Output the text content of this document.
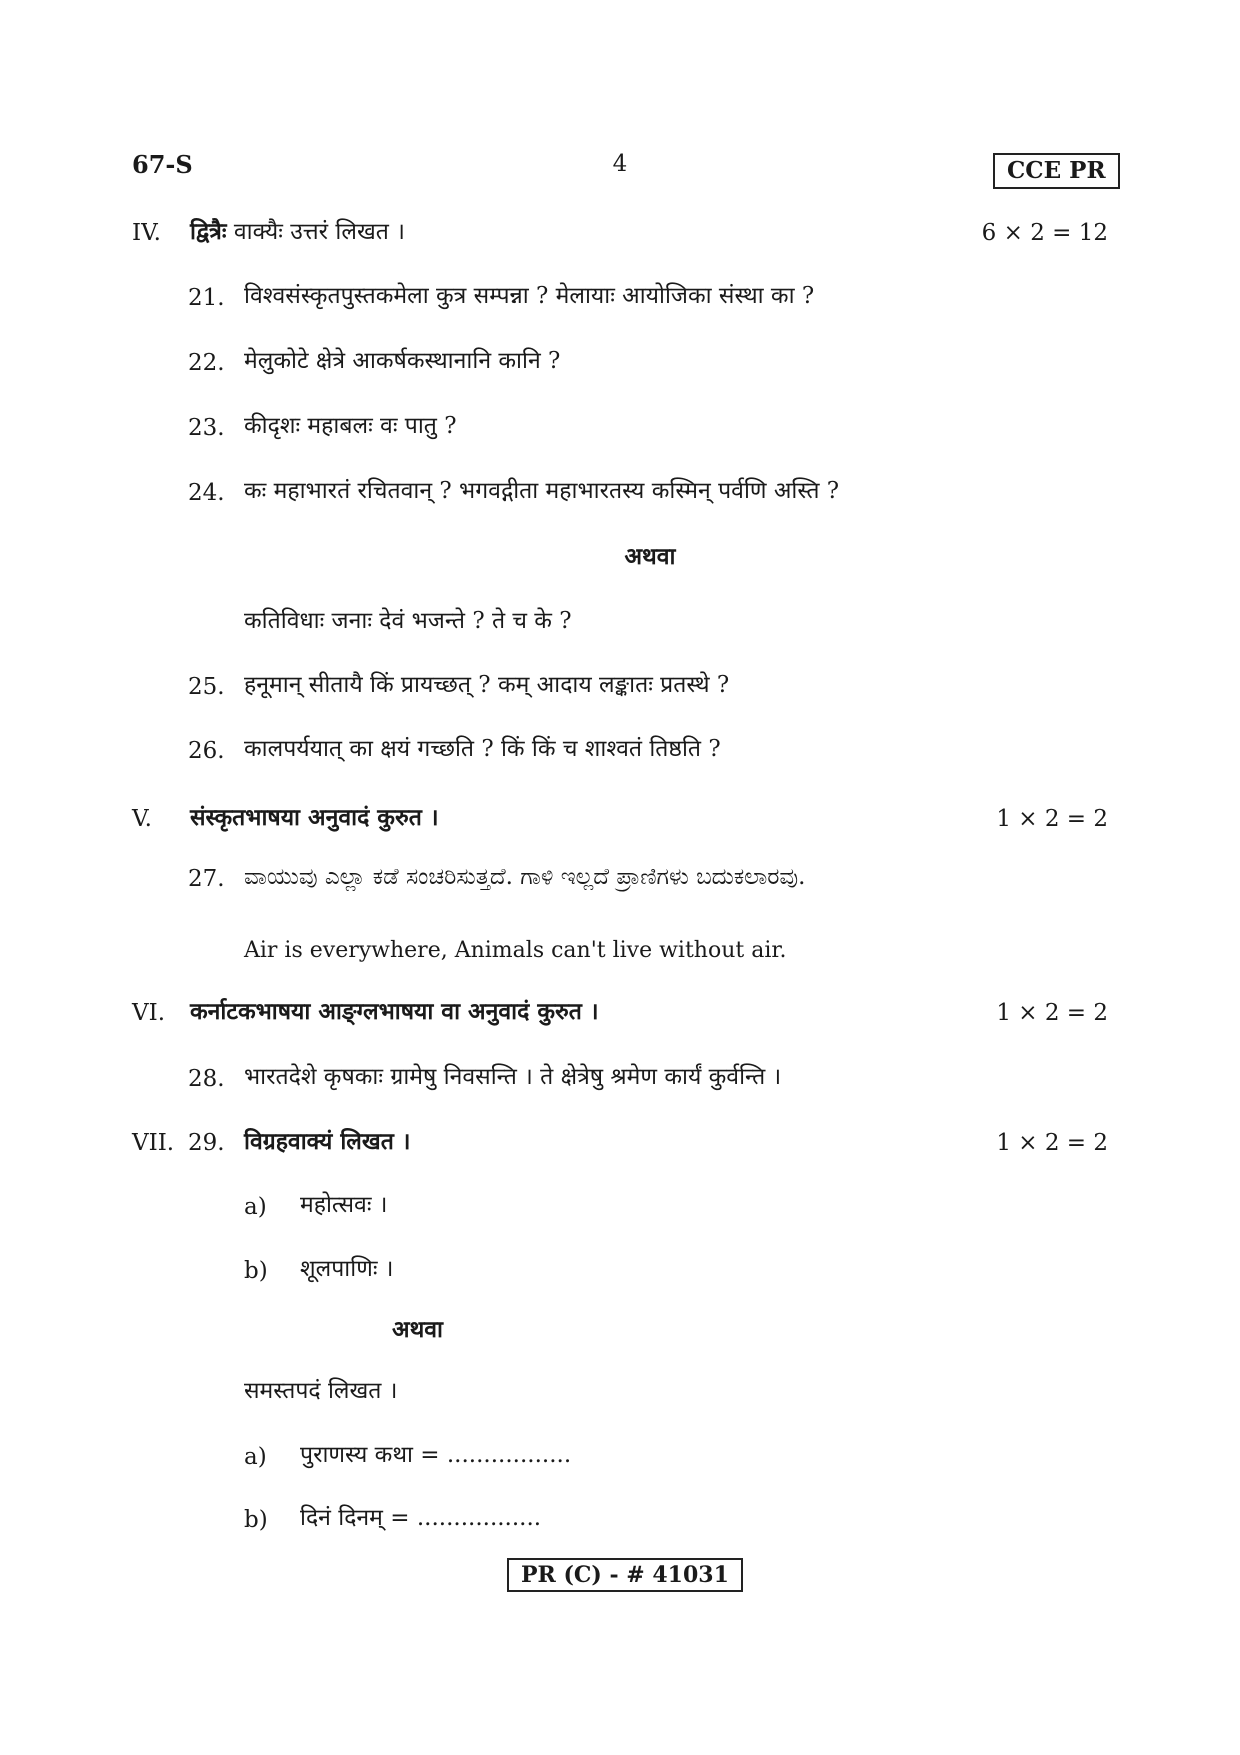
67-S	4	CCE PR
IV. द्वित्रैः वाक्यैः उत्तरं लिखत ।	6 × 2 = 12
21. विश्वसंस्कृतपुस्तकमेला कुत्र सम्पन्ना ? मेलायाः आयोजिका संस्था का ?
22. मेलुकोटे क्षेत्रे आकर्षकस्थानानि कानि ?
23. कीदृशः महाबलः वः पातु ?
24. कः महाभारतं रचितवान् ? भगवद्गीता महाभारतस्य कस्मिन् पर्वणि अस्ति ?
अथवा
कतिविधाः जनाः देवं भजन्ते ? ते च के ?
25. हनूमान् सीतायै किं प्रायच्छत् ? कम् आदाय लङ्कातः प्रतस्थे ?
26. कालपर्ययात् का क्षयं गच्छति ? किं किं च शाश्वतं तिष्ठति ?
V. संस्कृतभाषया अनुवादं कुरुत ।	1 × 2 = 2
27. ವಾಯುವು ಎಲ್ಲಾ ಕಡೆ ಸಂಚರಿಸುತ್ತದೆ. ಗಾಳಿ ಇಲ್ಲದೆ ಪ್ರಾಣಿಗಳು ಬದುಕಲಾರವು.
Air is everywhere, Animals can't live without air.
VI. कर्नाटकभाषया आङ्ग्लभाषया वा अनुवादं कुरुत ।	1 × 2 = 2
28. भारतदेशे कृषकाः ग्रामेषु निवसन्ति । ते क्षेत्रेषु श्रमेण कार्यं कुर्वन्ति ।
VII. 29. विग्रहवाक्यं लिखत ।	1 × 2 = 2
a) महोत्सवः ।
b) शूलपाणिः ।
अथवा
समस्तपदं लिखत ।
a) पुराणस्य कथा = .................
b) दिनं दिनम् = .................
PR (C) - # 41031
